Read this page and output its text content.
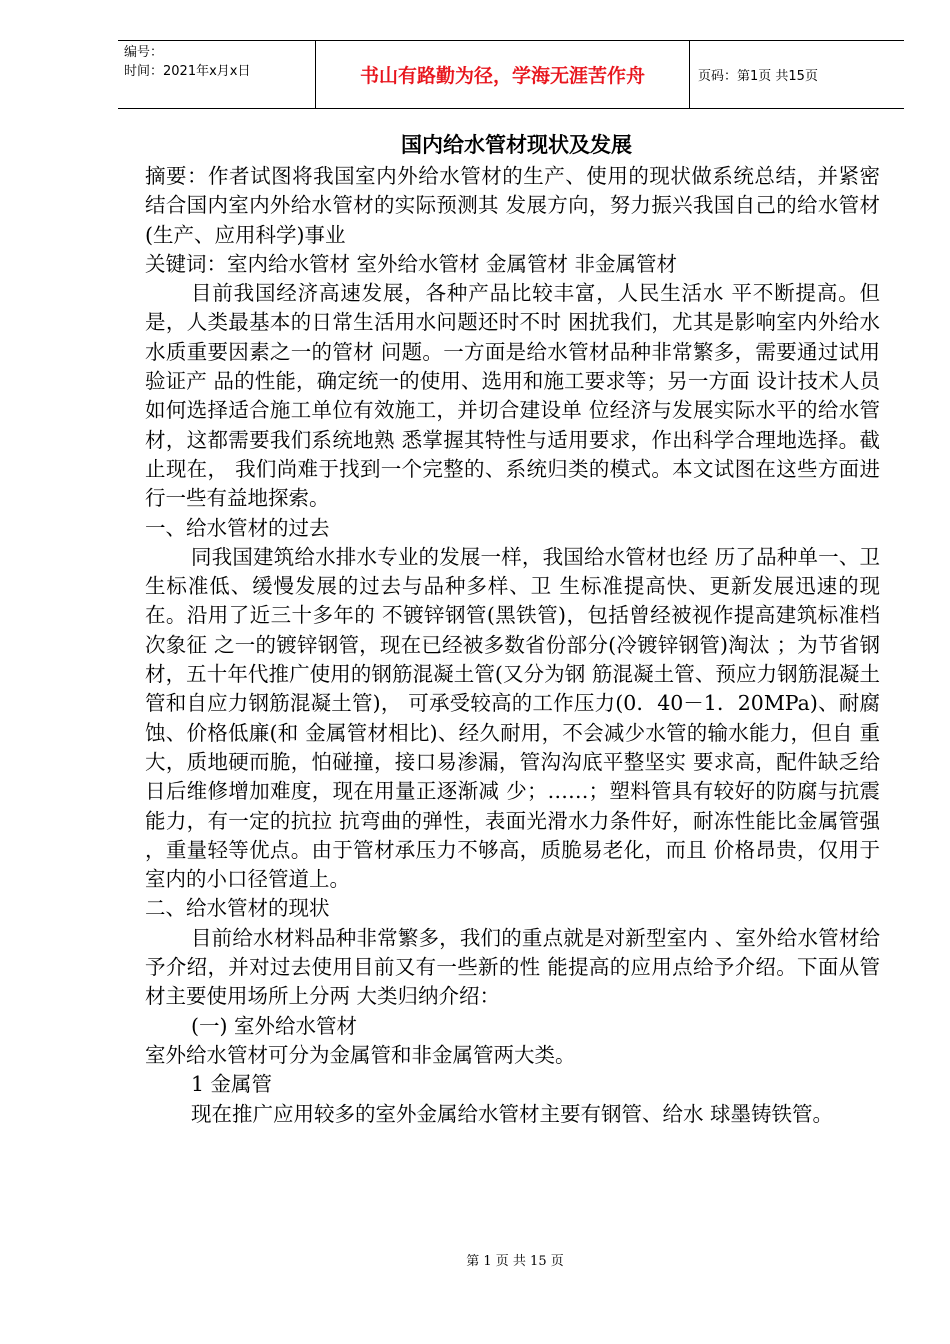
编号：
时间：2021年x月x日	书山有路勤为径，学海无涯苦作舟	页码：第1页 共15页

国内给水管材现状及发展

摘要：作者试图将我国室内外给水管材的生产、使用的现状做系统总结，并紧密结合国内室内外给水管材的实际预测其 发展方向，努力振兴我国自己的给水管材(生产、应用科学)事业

关键词：室内给水管材 室外给水管材 金属管材 非金属管材

目前我国经济高速发展，各种产品比较丰富，人民生活水 平不断提高。但是，人类最基本的日常生活用水问题还时不时 困扰我们，尤其是影响室内外给水水质重要因素之一的管材 问题。一方面是给水管材品种非常繁多，需要通过试用验证产 品的性能，确定统一的使用、选用和施工要求等；另一方面 设计技术人员如何选择适合施工单位有效施工，并切合建设单 位经济与发展实际水平的给水管材，这都需要我们系统地熟 悉掌握其特性与适用要求，作出科学合理地选择。截止现在， 我们尚难于找到一个完整的、系统归类的模式。本文试图在这些方面进行一些有益地探索。

一、给水管材的过去

同我国建筑给水排水专业的发展一样，我国给水管材也经 历了品种单一、卫生标准低、缓慢发展的过去与品种多样、卫 生标准提高快、更新发展迅速的现在。沿用了近三十多年的 不镀锌钢管(黑铁管)，包括曾经被视作提高建筑标准档次象征 之一的镀锌钢管，现在已经被多数省份部分(冷镀锌钢管)淘汰 ；为节省钢材，五十年代推广使用的钢筋混凝土管(又分为钢 筋混凝土管、预应力钢筋混凝土管和自应力钢筋混凝土管)， 可承受较高的工作压力(0．40－1．20MPa)、耐腐蚀、价格低廉(和 金属管材相比)、经久耐用，不会减少水管的输水能力，但自 重大，质地硬而脆，怕碰撞，接口易渗漏，管沟沟底平整坚实 要求高，配件缺乏给日后维修增加难度，现在用量正逐渐减 少；……；塑料管具有较好的防腐与抗震能力，有一定的抗拉 抗弯曲的弹性，表面光滑水力条件好，耐冻性能比金属管强 ，重量轻等优点。由于管材承压力不够高，质脆易老化，而且 价格昂贵，仅用于室内的小口径管道上。

二、给水管材的现状

目前给水材料品种非常繁多，我们的重点就是对新型室内 、室外给水管材给予介绍，并对过去使用目前又有一些新的性 能提高的应用点给予介绍。下面从管材主要使用场所上分两 大类归纳介绍：

(一) 室外给水管材

室外给水管材可分为金属管和非金属管两大类。

1 金属管

现在推广应用较多的室外金属给水管材主要有钢管、给水 球墨铸铁管。

第 1 页 共 15 页
